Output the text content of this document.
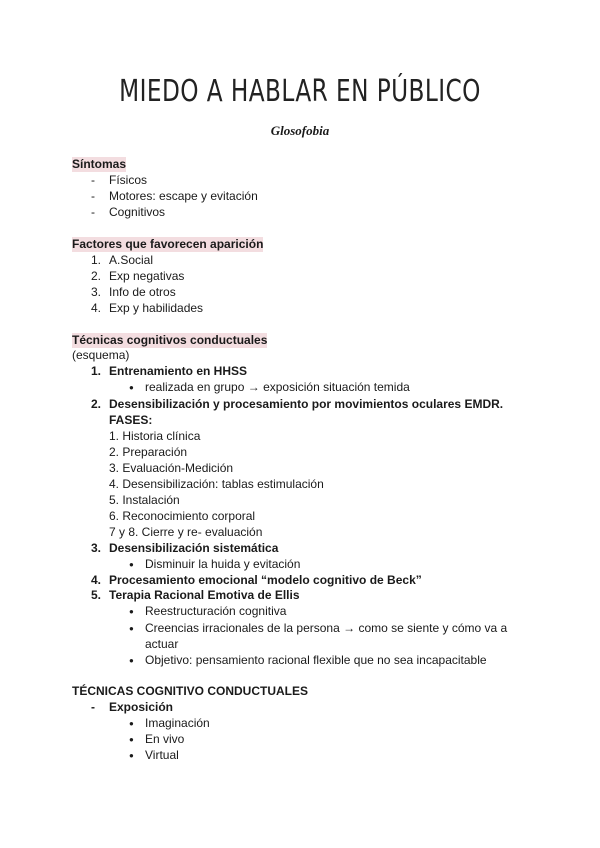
MIEDO A HABLAR EN PÚBLICO
Glosofobia
Síntomas
- Físicos
- Motores: escape y evitación
- Cognitivos
Factores que favorecen aparición
1. A.Social
2. Exp negativas
3. Info de otros
4. Exp y habilidades
Técnicas cognitivos conductuales
(esquema)
1. Entrenamiento en HHSS
● realizada en grupo → exposición situación temida
2. Desensibilización y procesamiento por movimientos oculares EMDR.
FASES:
1. Historia clínica
2. Preparación
3. Evaluación-Medición
4. Desensibilización: tablas estimulación
5. Instalación
6. Reconocimiento corporal
7 y 8. Cierre y re- evaluación
3. Desensibilización sistemática
● Disminuir la huida y evitación
4. Procesamiento emocional “modelo cognitivo de Beck”
5. Terapia Racional Emotiva de Ellis
● Reestructuración cognitiva
● Creencias irracionales de la persona → como se siente y cómo va a
actuar
● Objetivo: pensamiento racional flexible que no sea incapacitable
TÉCNICAS COGNITIVO CONDUCTUALES
- Exposición
● Imaginación
● En vivo
● Virtual
